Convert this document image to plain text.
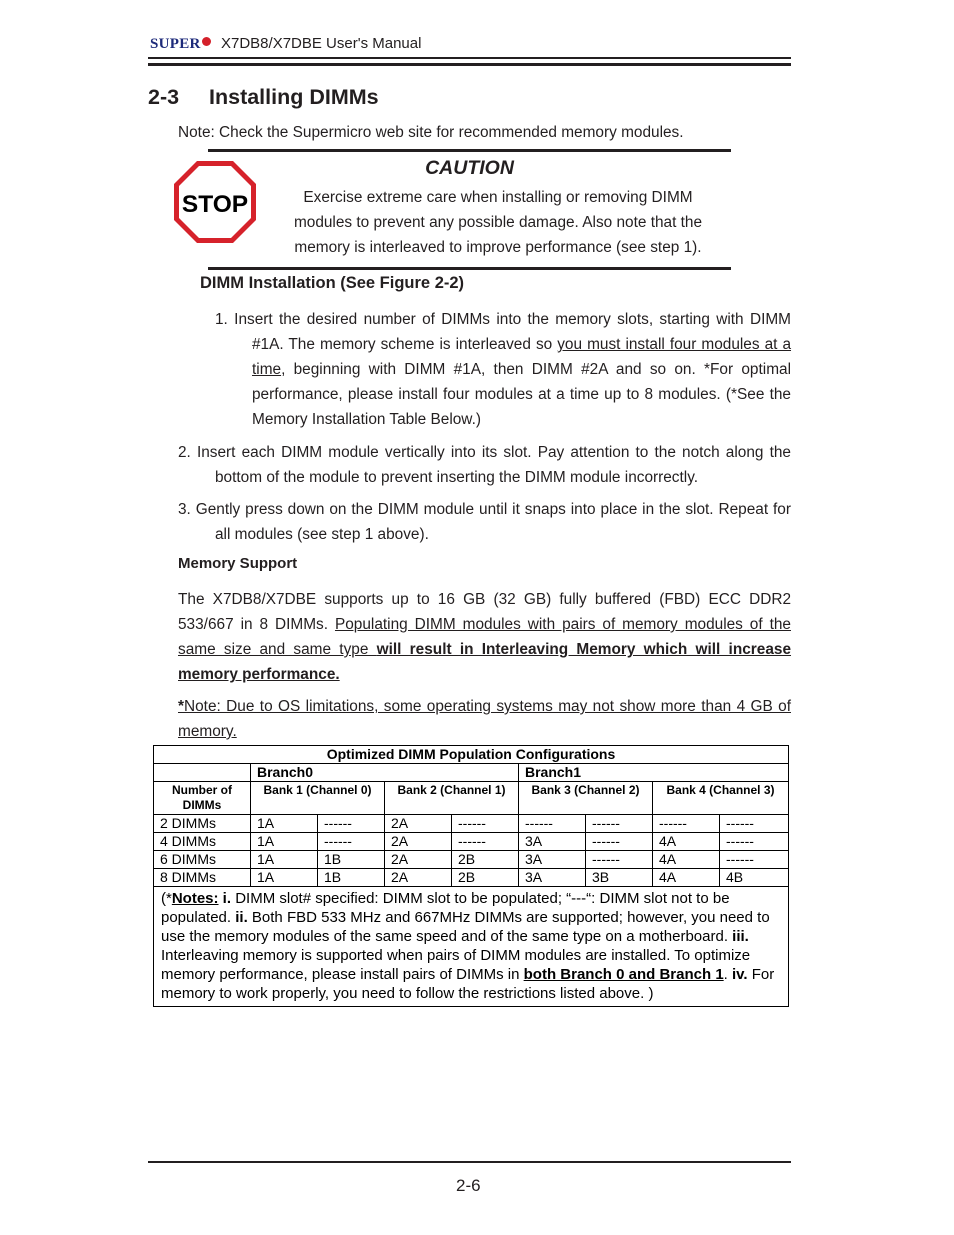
SUPER	X7DB8/X7DBE User's Manual
2-3 Installing DIMMs
Note: Check the Supermicro web site for recommended memory modules.
STOP
CAUTION
Exercise extreme care when installing or removing DIMM
modules to prevent any possible damage. Also note that the
memory is interleaved to improve performance (see step 1).
DIMM Installation (See Figure 2-2)
1. Insert the desired number of DIMMs into the memory slots, starting with DIMM #1A. The memory scheme is interleaved so you must install four modules at a time, beginning with DIMM #1A, then DIMM #2A and so on. *For optimal performance, please install four modules at a time up to 8 modules. (*See the Memory Installation Table Below.)
2. Insert each DIMM module vertically into its slot. Pay attention to the notch along the bottom of the module to prevent inserting the DIMM module incorrectly.
3. Gently press down on the DIMM module until it snaps into place in the slot. Repeat for all modules (see step 1 above).
Memory Support
The X7DB8/X7DBE supports up to 16 GB (32 GB) fully buffered (FBD) ECC DDR2 533/667 in 8 DIMMs. Populating DIMM modules with pairs of memory modules of the same size and same type will result in Interleaving Memory which will increase memory performance.
*Note: Due to OS limitations, some operating systems may not show more than 4 GB of memory.
Optimized DIMM Population Configurations								
	Branch0				Branch1			
Number of DIMMs	Bank 1 (Channel 0)		Bank 2 (Channel 1)		Bank 3 (Channel 2)		Bank 4 (Channel 3)	
2 DIMMs	1A	------	2A	------	------	------	------	------
4 DIMMs	1A	------	2A	------	3A	------	4A	------
6 DIMMs	1A	1B	2A	2B	3A	------	4A	------
8 DIMMs	1A	1B	2A	2B	3A	3B	4A	4B
(*Notes: i. DIMM slot# specified: DIMM slot to be populated; “---“: DIMM slot not to be populated. ii. Both FBD 533 MHz and 667MHz DIMMs are supported; however, you need to use the memory modules of the same speed and of the same type on a motherboard. iii. Interleaving memory is supported when pairs of DIMM modules are installed. To optimize memory performance, please install pairs of DIMMs in both Branch 0 and Branch 1. iv. For memory to work properly, you need to follow the restrictions listed above. )								
2-6
